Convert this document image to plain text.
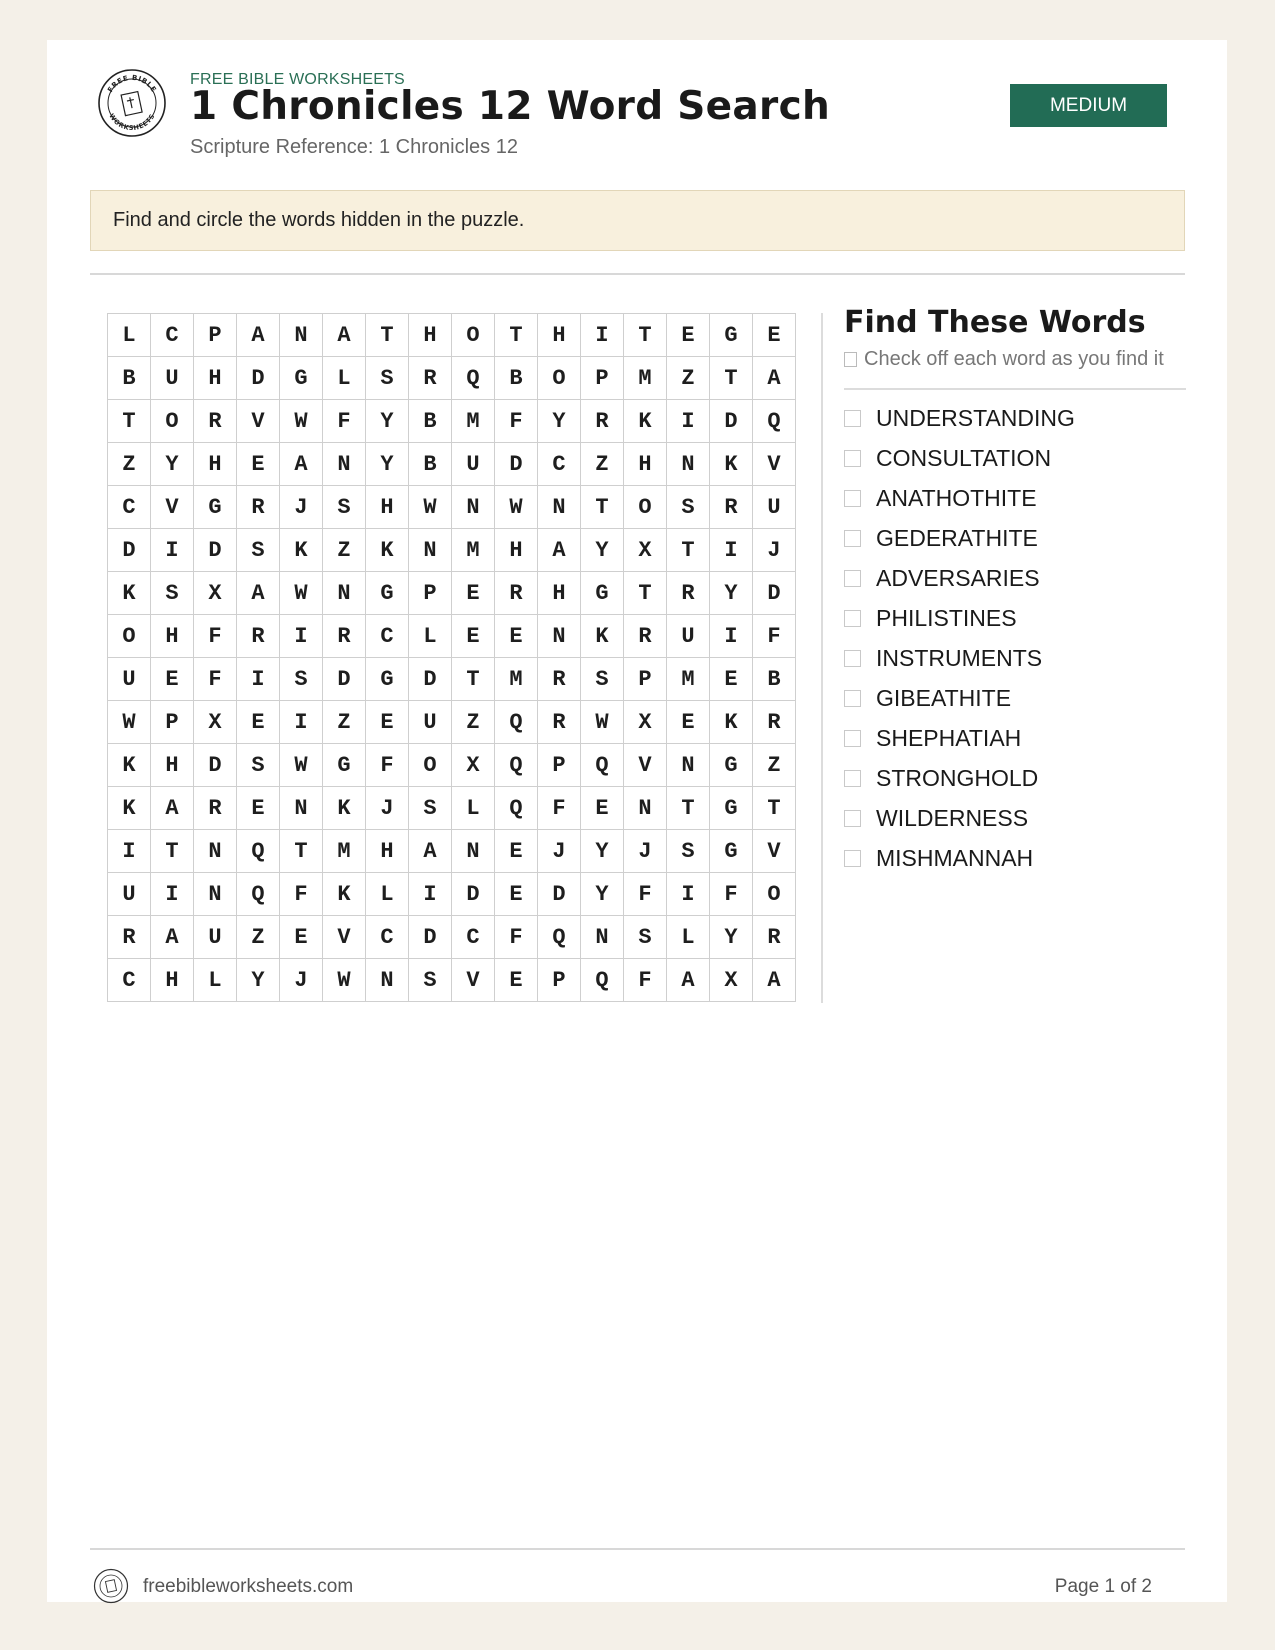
FREE BIBLE
WORKSHEETS
FREE BIBLE WORKSHEETS
1 Chronicles 12 Word Search
Scripture Reference: 1 Chronicles 12
MEDIUM
Find and circle the words hidden in the puzzle.
L	C	P	A	N	A	T	H	O	T	H	I	T	E	G	E
B	U	H	D	G	L	S	R	Q	B	O	P	M	Z	T	A
T	O	R	V	W	F	Y	B	M	F	Y	R	K	I	D	Q
Z	Y	H	E	A	N	Y	B	U	D	C	Z	H	N	K	V
C	V	G	R	J	S	H	W	N	W	N	T	O	S	R	U
D	I	D	S	K	Z	K	N	M	H	A	Y	X	T	I	J
K	S	X	A	W	N	G	P	E	R	H	G	T	R	Y	D
O	H	F	R	I	R	C	L	E	E	N	K	R	U	I	F
U	E	F	I	S	D	G	D	T	M	R	S	P	M	E	B
W	P	X	E	I	Z	E	U	Z	Q	R	W	X	E	K	R
K	H	D	S	W	G	F	O	X	Q	P	Q	V	N	G	Z
K	A	R	E	N	K	J	S	L	Q	F	E	N	T	G	T
I	T	N	Q	T	M	H	A	N	E	J	Y	J	S	G	V
U	I	N	Q	F	K	L	I	D	E	D	Y	F	I	F	O
R	A	U	Z	E	V	C	D	C	F	Q	N	S	L	Y	R
C	H	L	Y	J	W	N	S	V	E	P	Q	F	A	X	A
Find These Words
Check off each word as you find it
UNDERSTANDING
CONSULTATION
ANATHOTHITE
GEDERATHITE
ADVERSARIES
PHILISTINES
INSTRUMENTS
GIBEATHITE
SHEPHATIAH
STRONGHOLD
WILDERNESS
MISHMANNAH
freebibleworksheets.com	Page 1 of 2
